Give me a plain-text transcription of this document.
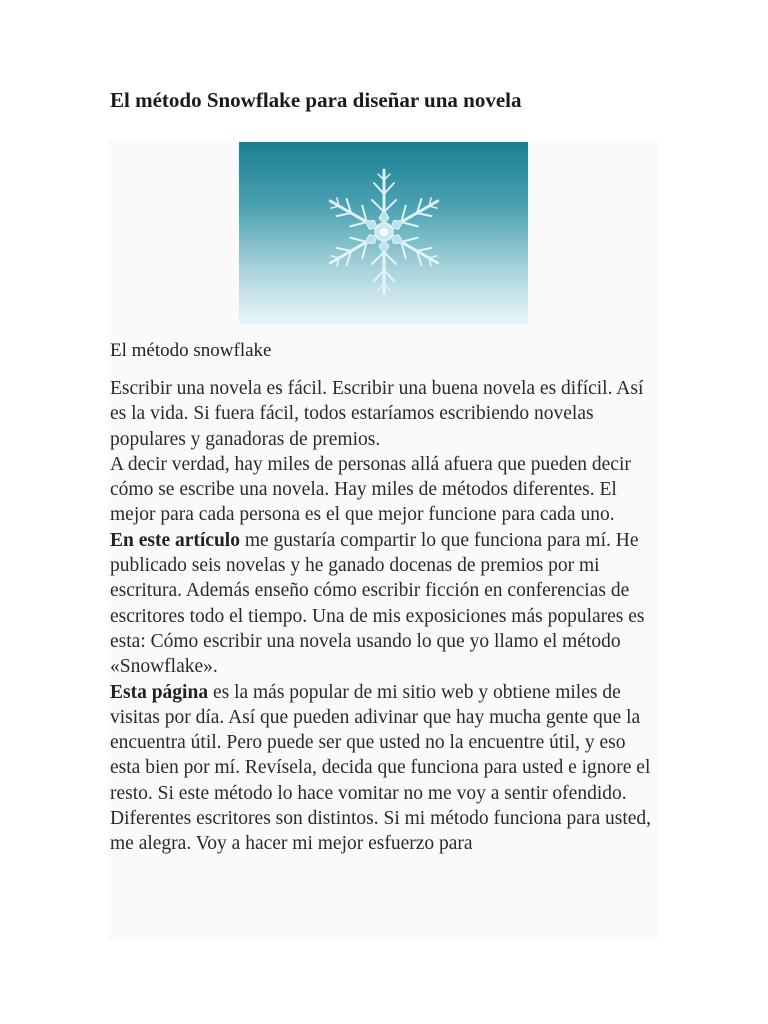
El método Snowflake para diseñar una novela
El método snowflake

Escribir una novela es fácil. Escribir una buena novela es difícil. Así es la vida. Si fuera fácil, todos estaríamos escribiendo novelas populares y ganadoras de premios.

A decir verdad, hay miles de personas allá afuera que pueden decir cómo se escribe una novela. Hay miles de métodos diferentes. El mejor para cada persona es el que mejor funcione para cada uno.

En este artículo me gustaría compartir lo que funciona para mí. He publicado seis novelas y he ganado docenas de premios por mi escritura. Además enseño cómo escribir ficción en conferencias de escritores todo el tiempo. Una de mis exposiciones más populares es esta: Cómo escribir una novela usando lo que yo llamo el método «Snowflake».

Esta página es la más popular de mi sitio web y obtiene miles de visitas por día. Así que pueden adivinar que hay mucha gente que la encuentra útil. Pero puede ser que usted no la encuentre útil, y eso esta bien por mí. Revísela, decida que funciona para usted e ignore el resto. Si este método lo hace vomitar no me voy a sentir ofendido. Diferentes escritores son distintos. Si mi método funciona para usted, me alegra. Voy a hacer mi mejor esfuerzo para
